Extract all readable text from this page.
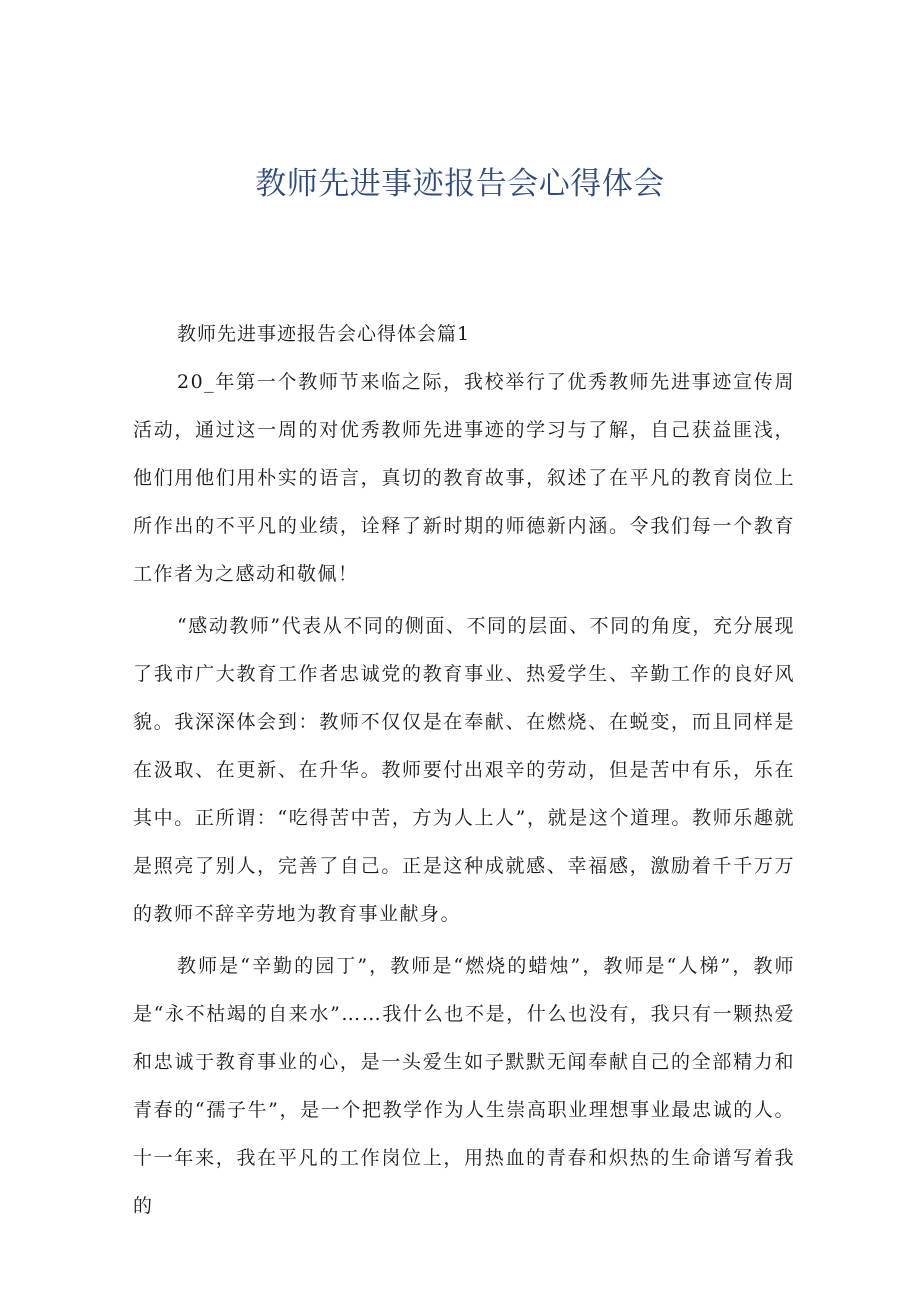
教师先进事迹报告会心得体会

教师先进事迹报告会心得体会篇1

20_年第一个教师节来临之际，我校举行了优秀教师先进事迹宣传周活动，通过这一周的对优秀教师先进事迹的学习与了解，自己获益匪浅，他们用他们用朴实的语言，真切的教育故事，叙述了在平凡的教育岗位上所作出的不平凡的业绩，诠释了新时期的师德新内涵。令我们每一个教育工作者为之感动和敬佩！

“感动教师”代表从不同的侧面、不同的层面、不同的角度，充分展现了我市广大教育工作者忠诚党的教育事业、热爱学生、辛勤工作的良好风貌。我深深体会到：教师不仅仅是在奉献、在燃烧、在蜕变，而且同样是在汲取、在更新、在升华。教师要付出艰辛的劳动，但是苦中有乐，乐在其中。正所谓：“吃得苦中苦，方为人上人”，就是这个道理。教师乐趣就是照亮了别人，完善了自己。正是这种成就感、幸福感，激励着千千万万的教师不辞辛劳地为教育事业献身。

教师是“辛勤的园丁”，教师是“燃烧的蜡烛”，教师是“人梯”，教师是“永不枯竭的自来水”……我什么也不是，什么也没有，我只有一颗热爱和忠诚于教育事业的心，是一头爱生如子默默无闻奉献自己的全部精力和青春的“孺子牛”，是一个把教学作为人生崇高职业理想事业最忠诚的人。十一年来，我在平凡的工作岗位上，用热血的青春和炽热的生命谱写着我的
